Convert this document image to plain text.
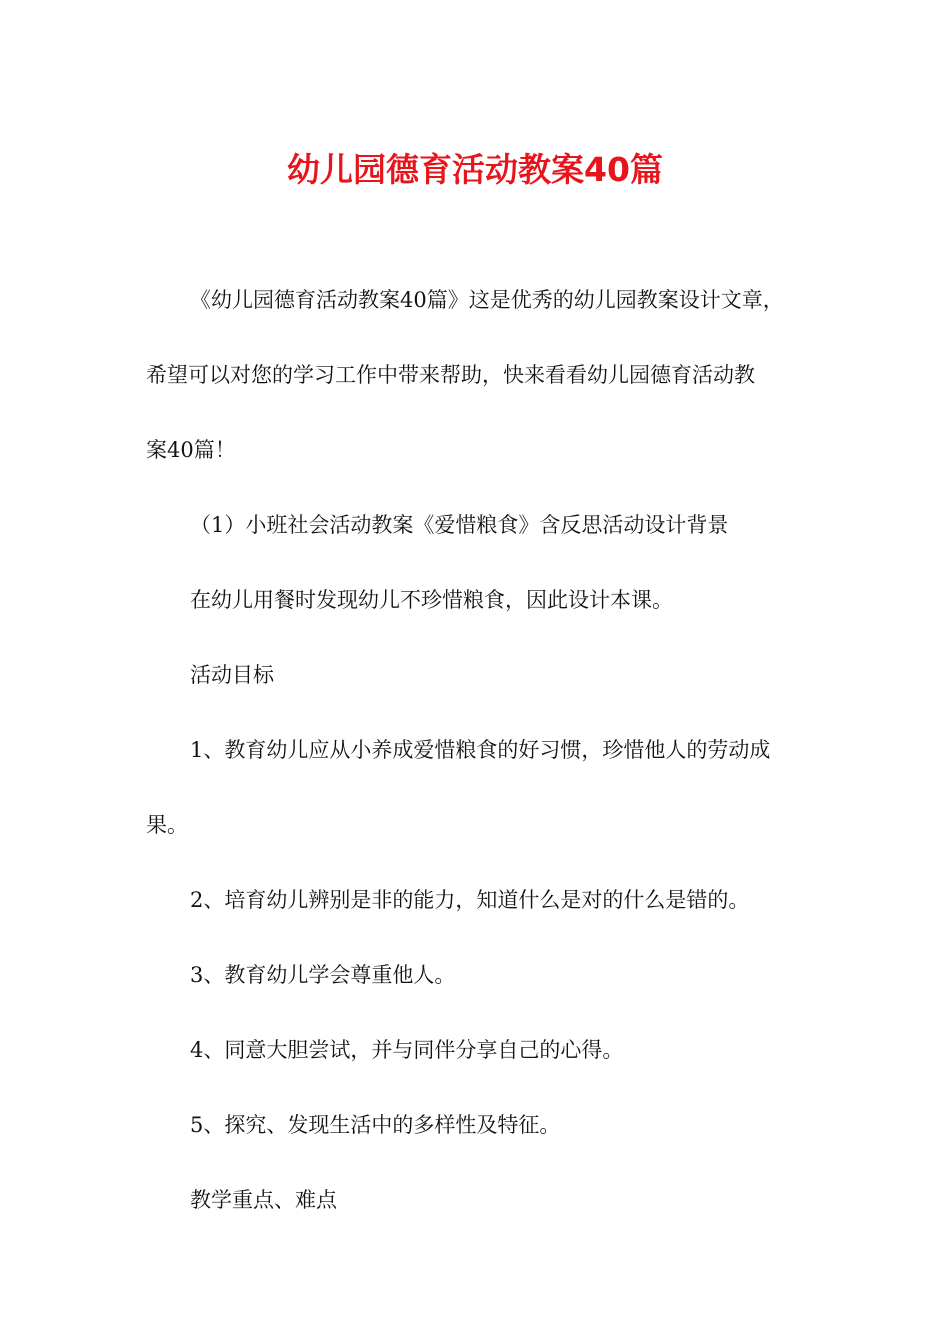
幼儿园德育活动教案40篇
《幼儿园德育活动教案40篇》这是优秀的幼儿园教案设计文章，
希望可以对您的学习工作中带来帮助，快来看看幼儿园德育活动教
案40篇！
（1）小班社会活动教案《爱惜粮食》含反思活动设计背景
在幼儿用餐时发现幼儿不珍惜粮食，因此设计本课。
活动目标
1、教育幼儿应从小养成爱惜粮食的好习惯，珍惜他人的劳动成
果。
2、培育幼儿辨别是非的能力，知道什么是对的什么是错的。
3、教育幼儿学会尊重他人。
4、同意大胆尝试，并与同伴分享自己的心得。
5、探究、发现生活中的多样性及特征。
教学重点、难点
